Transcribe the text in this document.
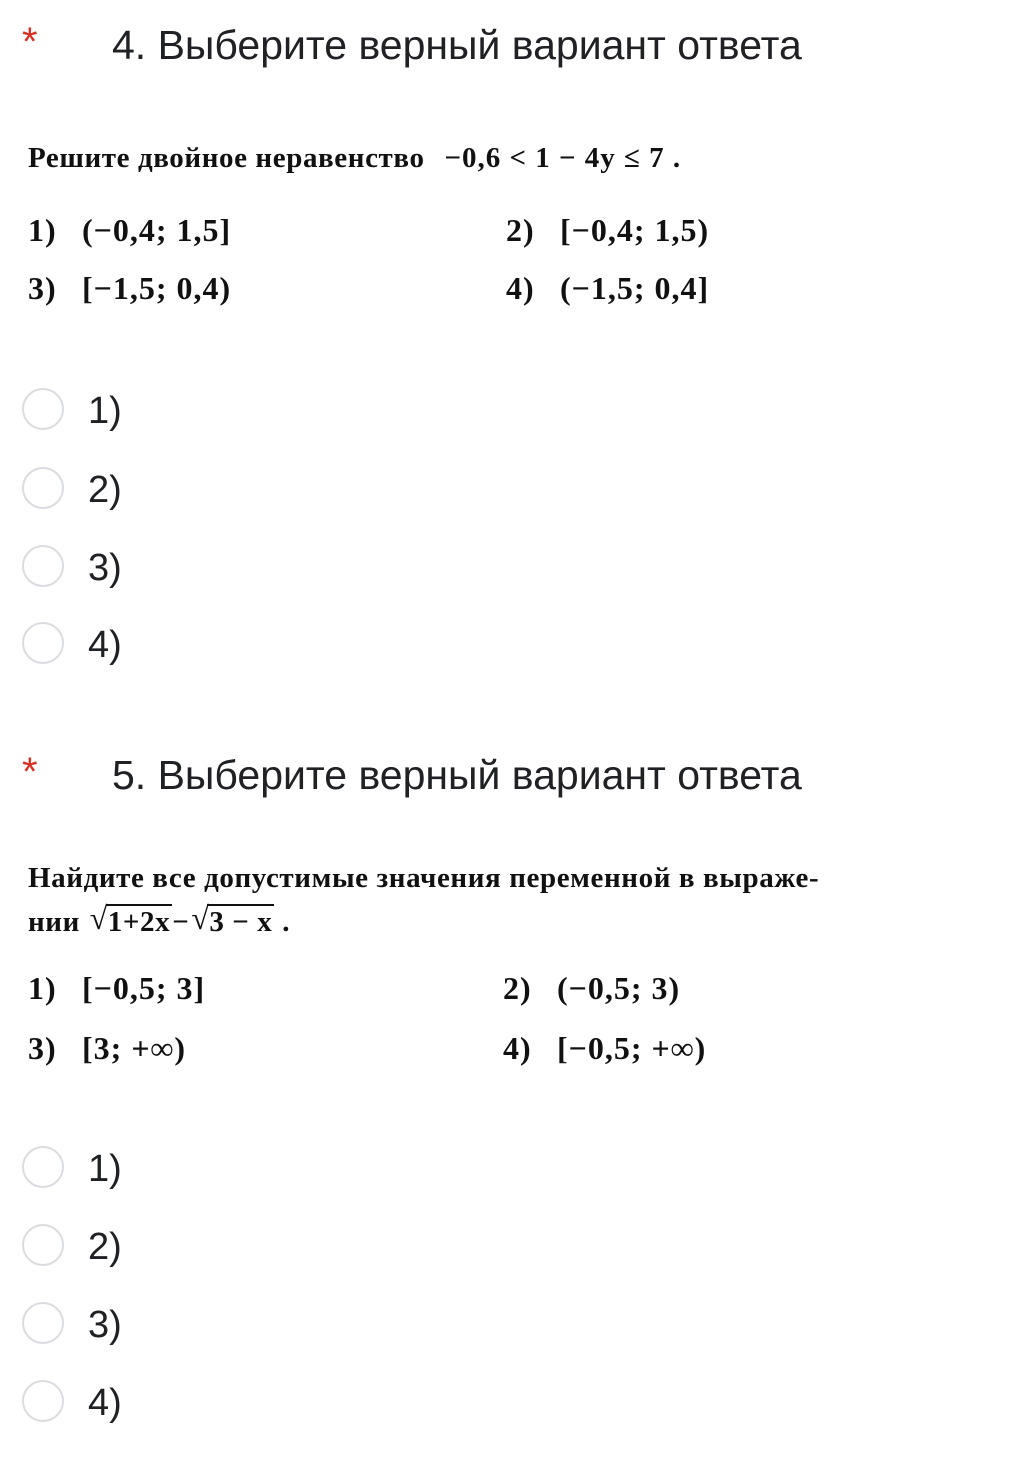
* 4. Выберите верный вариант ответа
Решите двойное неравенство −0,6 < 1 − 4y ≤ 7 .
1) (−0,4; 1,5]	2) [−0,4; 1,5)
3) [−1,5; 0,4)	4) (−1,5; 0,4]
1)
2)
3)
4)
* 5. Выберите верный вариант ответа
Найдите все допустимые значения переменной в выраже-
нии √ 1+2x− √ 3 − x .
1) [−0,5; 3]	2) (−0,5; 3)
3) [3; +∞)	4) [−0,5; +∞)
1)
2)
3)
4)
